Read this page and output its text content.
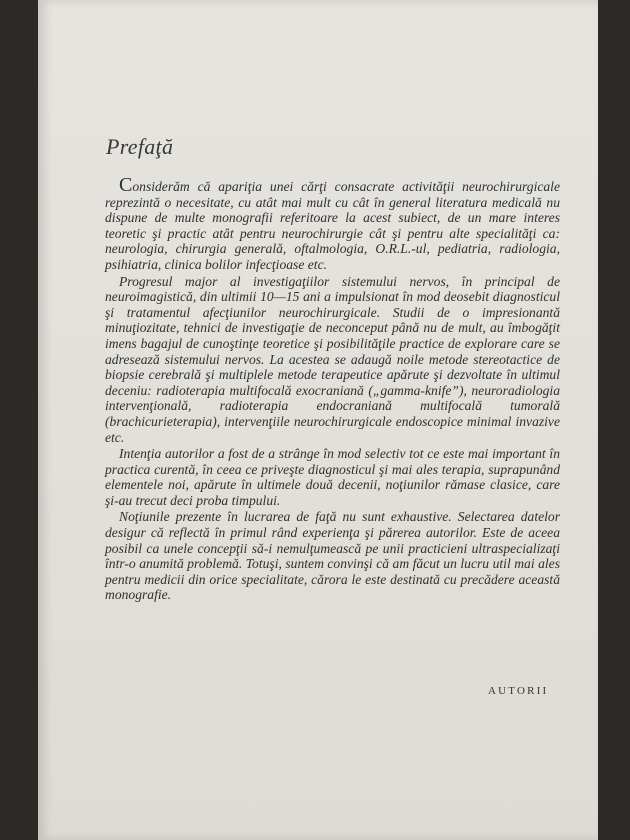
Prefaţă

Considerăm că apariţia unei cărţi consacrate activităţii neurochirurgicale reprezintă o necesitate, cu atât mai mult cu cât în general literatura medicală nu dispune de multe monografii referitoare la acest subiect, de un mare interes teoretic şi practic atât pentru neurochirurgie cât şi pentru alte specialităţi ca: neurologia, chirurgia generală, oftalmologia, O.R.L.-ul, pediatria, radiologia, psihiatria, clinica bolilor infecţioase etc.

Progresul major al investigaţiilor sistemului nervos, în principal de neuroimagistică, din ultimii 10—15 ani a impulsionat în mod deosebit diagnosticul şi tratamentul afecţiunilor neurochirurgicale. Studii de o impresionantă minuţiozitate, tehnici de investigaţie de neconceput până nu de mult, au îmbogăţit imens bagajul de cunoştinţe teoretice şi posibilităţile practice de explorare care se adresează sistemului nervos. La acestea se adaugă noile metode stereotactice de biopsie cerebrală şi multiplele metode terapeutice apărute şi dezvoltate în ultimul deceniu: radioterapia multifocală exocraniană („gamma-knife”), neuroradiologia intervenţională, radioterapia endocraniană multifocală tumorală (brachicurieterapia), intervenţiile neurochirurgicale endoscopice minimal invazive etc.

Intenţia autorilor a fost de a strânge în mod selectiv tot ce este mai important în practica curentă, în ceea ce priveşte diagnosticul şi mai ales terapia, suprapunând elementele noi, apărute în ultimele două decenii, noţiunilor rămase clasice, care şi-au trecut deci proba timpului.

Noţiunile prezente în lucrarea de faţă nu sunt exhaustive. Selectarea datelor desigur că reflectă în primul rând experienţa şi părerea autorilor. Este de aceea posibil ca unele concepţii să-i nemulţumească pe unii practicieni ultraspecializaţi într-o anumită problemă. Totuşi, suntem convinşi că am făcut un lucru util mai ales pentru medicii din orice specialitate, cărora le este destinată cu precădere această monografie.

AUTORII
